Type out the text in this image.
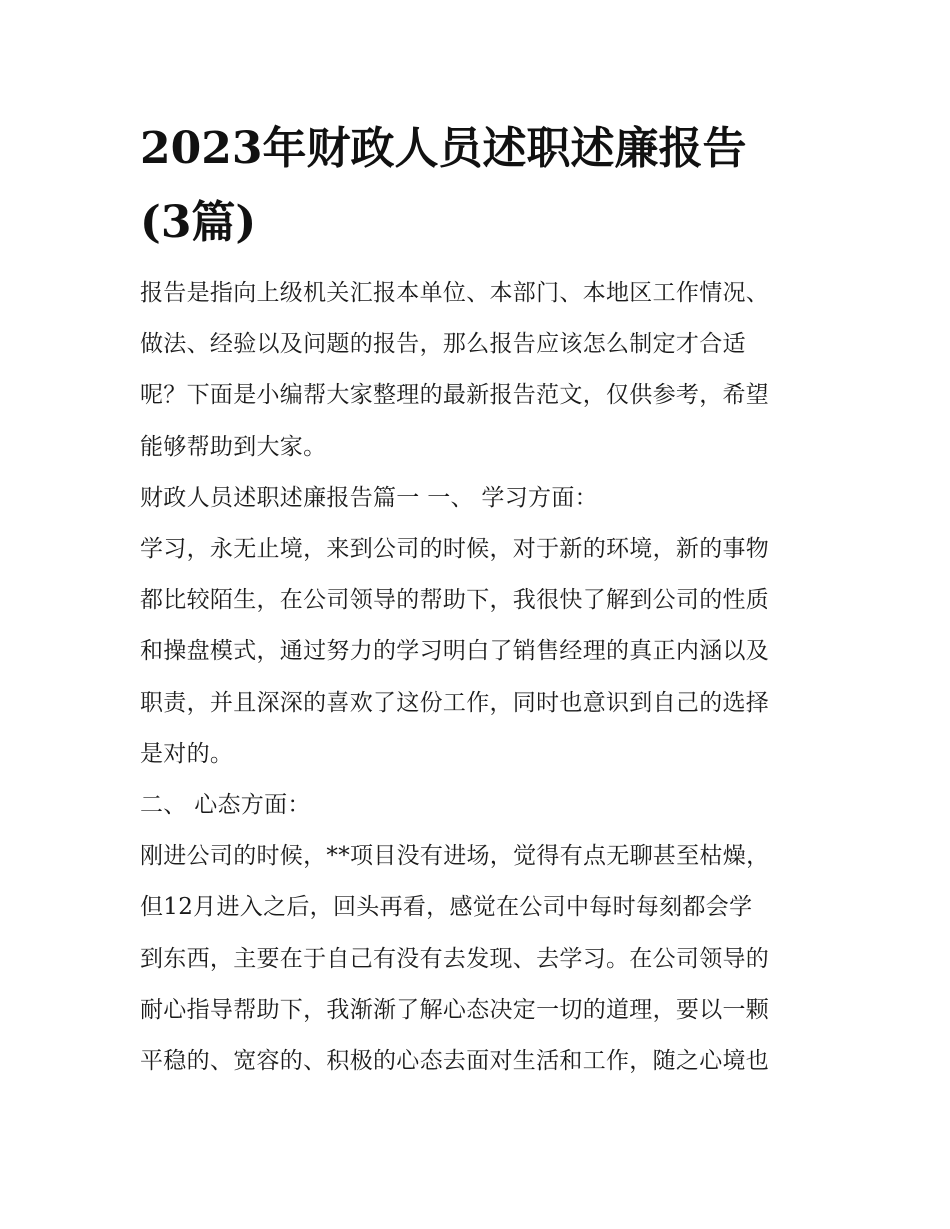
2023年财政人员述职述廉报告
(3篇)

报告是指向上级机关汇报本单位、本部门、本地区工作情况、
做法、经验以及问题的报告，那么报告应该怎么制定才合适
呢？下面是小编帮大家整理的最新报告范文，仅供参考，希望
能够帮助到大家。

财政人员述职述廉报告篇一 一、 学习方面：

学习，永无止境，来到公司的时候，对于新的环境，新的事物
都比较陌生，在公司领导的帮助下，我很快了解到公司的性质
和操盘模式，通过努力的学习明白了销售经理的真正内涵以及
职责，并且深深的喜欢了这份工作，同时也意识到自己的选择
是对的。

二、 心态方面：

刚进公司的时候，**项目没有进场，觉得有点无聊甚至枯燥，
但12月进入之后，回头再看，感觉在公司中每时每刻都会学
到东西，主要在于自己有没有去发现、去学习。在公司领导的
耐心指导帮助下，我渐渐了解心态决定一切的道理，要以一颗
平稳的、宽容的、积极的心态去面对生活和工作，随之心境也
